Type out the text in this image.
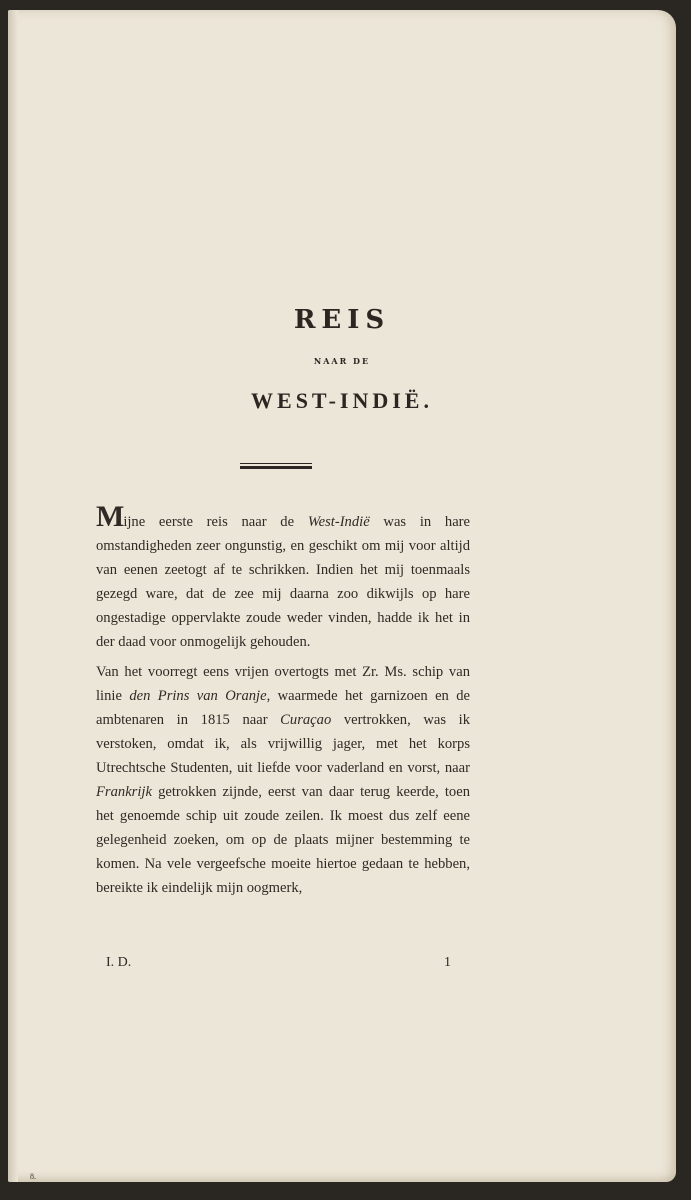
REIS
NAAR DE
WEST-INDIË.

Mijne eerste reis naar de West-Indië was in hare omstandigheden zeer ongunstig, en geschikt om mij voor altijd van eenen zeetogt af te schrikken. Indien het mij toenmaals gezegd ware, dat de zee mij daarna zoo dikwijls op hare ongestadige oppervlakte zoude weder vinden, hadde ik het in der daad voor onmogelijk gehouden.

Van het voorregt eens vrijen overtogts met Zr. Ms. schip van linie den Prins van Oranje, waarmede het garnizoen en de ambtenaren in 1815 naar Curaçao vertrokken, was ik verstoken, omdat ik, als vrijwillig jager, met het korps Utrechtsche Studenten, uit liefde voor vaderland en vorst, naar Frankrijk getrokken zijnde, eerst van daar terug keerde, toen het genoemde schip uit zoude zeilen. Ik moest dus zelf eene gelegenheid zoeken, om op de plaats mijner bestemming te komen. Na vele vergeefsche moeite hiertoe gedaan te hebben, bereikte ik eindelijk mijn oogmerk,

I. D.	1
8.
